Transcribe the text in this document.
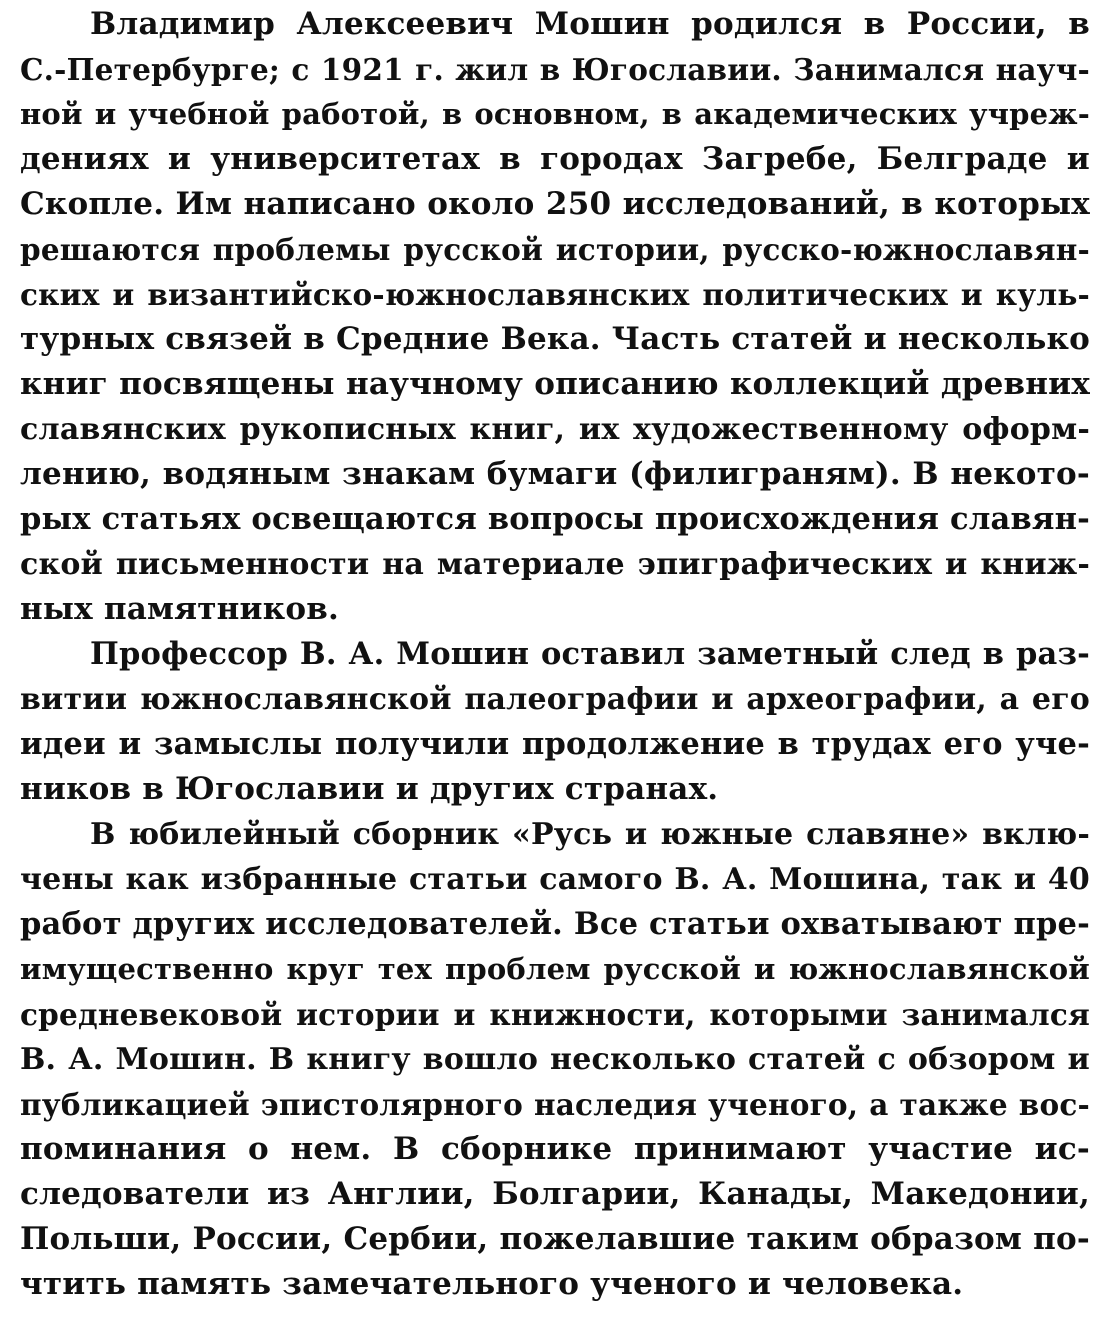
Владимир Алексеевич Мошин родился в России, в
С.-Петербурге; с 1921 г. жил в Югославии. Занимался науч-
ной и учебной работой, в основном, в академических учреж-
дениях и университетах в городах Загребе, Белграде и
Скопле. Им написано около 250 исследований, в которых
решаются проблемы русской истории, русско-южнославян-
ских и византийско-южнославянских политических и куль-
турных связей в Средние Века. Часть статей и несколько
книг посвящены научному описанию коллекций древних
славянских рукописных книг, их художественному оформ-
лению, водяным знакам бумаги (филиграням). В некото-
рых статьях освещаются вопросы происхождения славян-
ской письменности на материале эпиграфических и книж-
ных памятников.
Профессор В. А. Мошин оставил заметный след в раз-
витии южнославянской палеографии и археографии, а его
идеи и замыслы получили продолжение в трудах его уче-
ников в Югославии и других странах.
В юбилейный сборник «Русь и южные славяне» вклю-
чены как избранные статьи самого В. А. Мошина, так и 40
работ других исследователей. Все статьи охватывают пре-
имущественно круг тех проблем русской и южнославянской
средневековой истории и книжности, которыми занимался
В. А. Мошин. В книгу вошло несколько статей с обзором и
публикацией эпистолярного наследия ученого, а также вос-
поминания о нем. В сборнике принимают участие ис-
следователи из Англии, Болгарии, Канады, Македонии,
Польши, России, Сербии, пожелавшие таким образом по-
чтить память замечательного ученого и человека.
